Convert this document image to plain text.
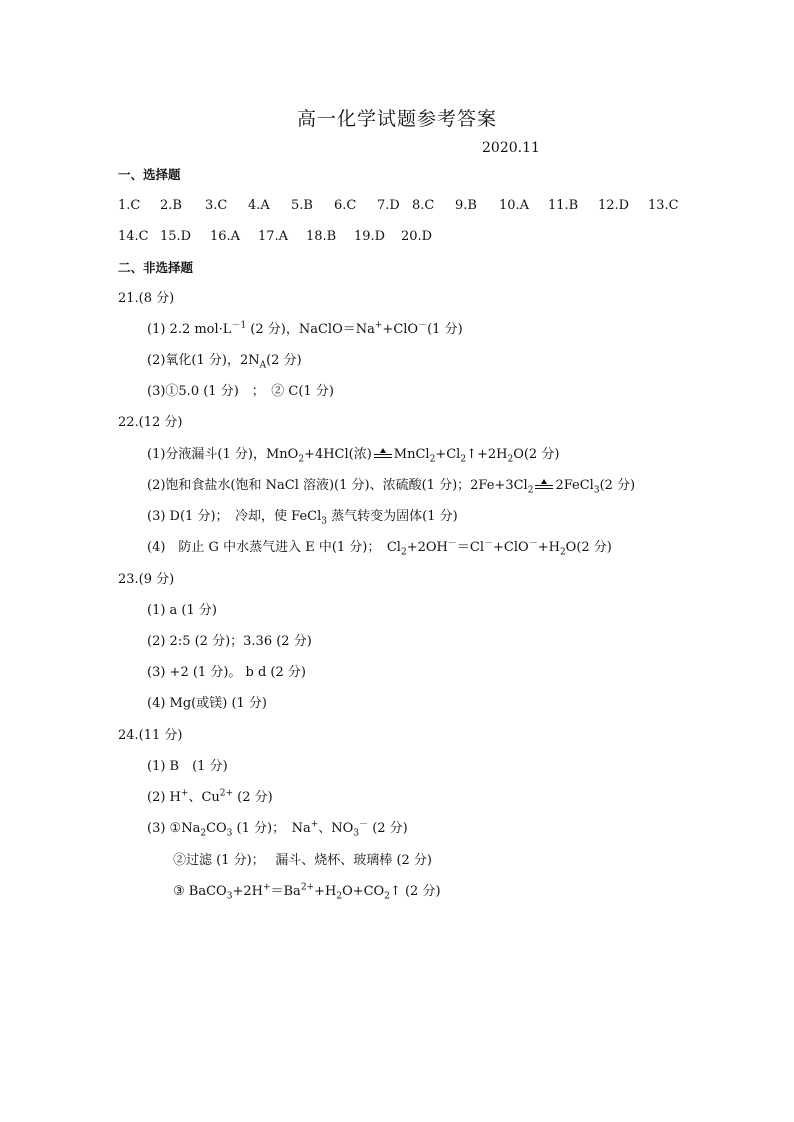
高一化学试题参考答案
2020.11
一、选择题
1.C 2.B 3.C 4.A 5.B 6.C 7.D 8.C 9.B 10.A 11.B 12.D 13.C
14.C 15.D 16.A 17.A 18.B 19.D 20.D
二、非选择题
21.(8 分)
(1) 2.2 $mol\cdot L^{-1}$ (2 分)，NaClO＝Na++ClO－(1 分)
(2)氧化(1 分)，$2N_A(2$ 分)
(3)①5.0 (1 分)　；　② C(1 分)
22.(12 分)
(1)分液漏斗(1 分)，MnO$_2$+4HCl(浓) $MnCl_2+Cl_2↑+2H_2O(2$ 分)
(2)饱和食盐水(饱和 NaCl 溶液)(1 分)、浓硫酸(1 分)；$2Fe+3Cl_2$ 2FeCl$_3$(2 分)
(3) D(1 分)；　冷却，使 FeCl$_3$ 蒸气转变为固体(1 分)
(4)　防止 G 中水蒸气进入 E 中(1 分)；　$Cl_2+2OH^-=Cl^-+ClO^-+H_2O(2$ 分)
23.(9 分)
(1) a (1 分)
(2) 2:5 (2 分)；3.36 (2 分)
(3) +2 (1 分)。 b d (2 分)
(4) Mg(或镁) (1 分)
24.(11 分)
(1) B　(1 分)
(2) H+、$Cu^{2+}$ (2 分)
(3) $①Na_2CO_3$ (1 分)；　Na+、$NO_3^-$ (2 分)
②过滤 (1 分)；　 漏斗、烧杯、玻璃棒 (2 分)
③ $BaCO_3+2H^+=Ba^{2+}+H_2O+CO_2↑$ (2 分)
